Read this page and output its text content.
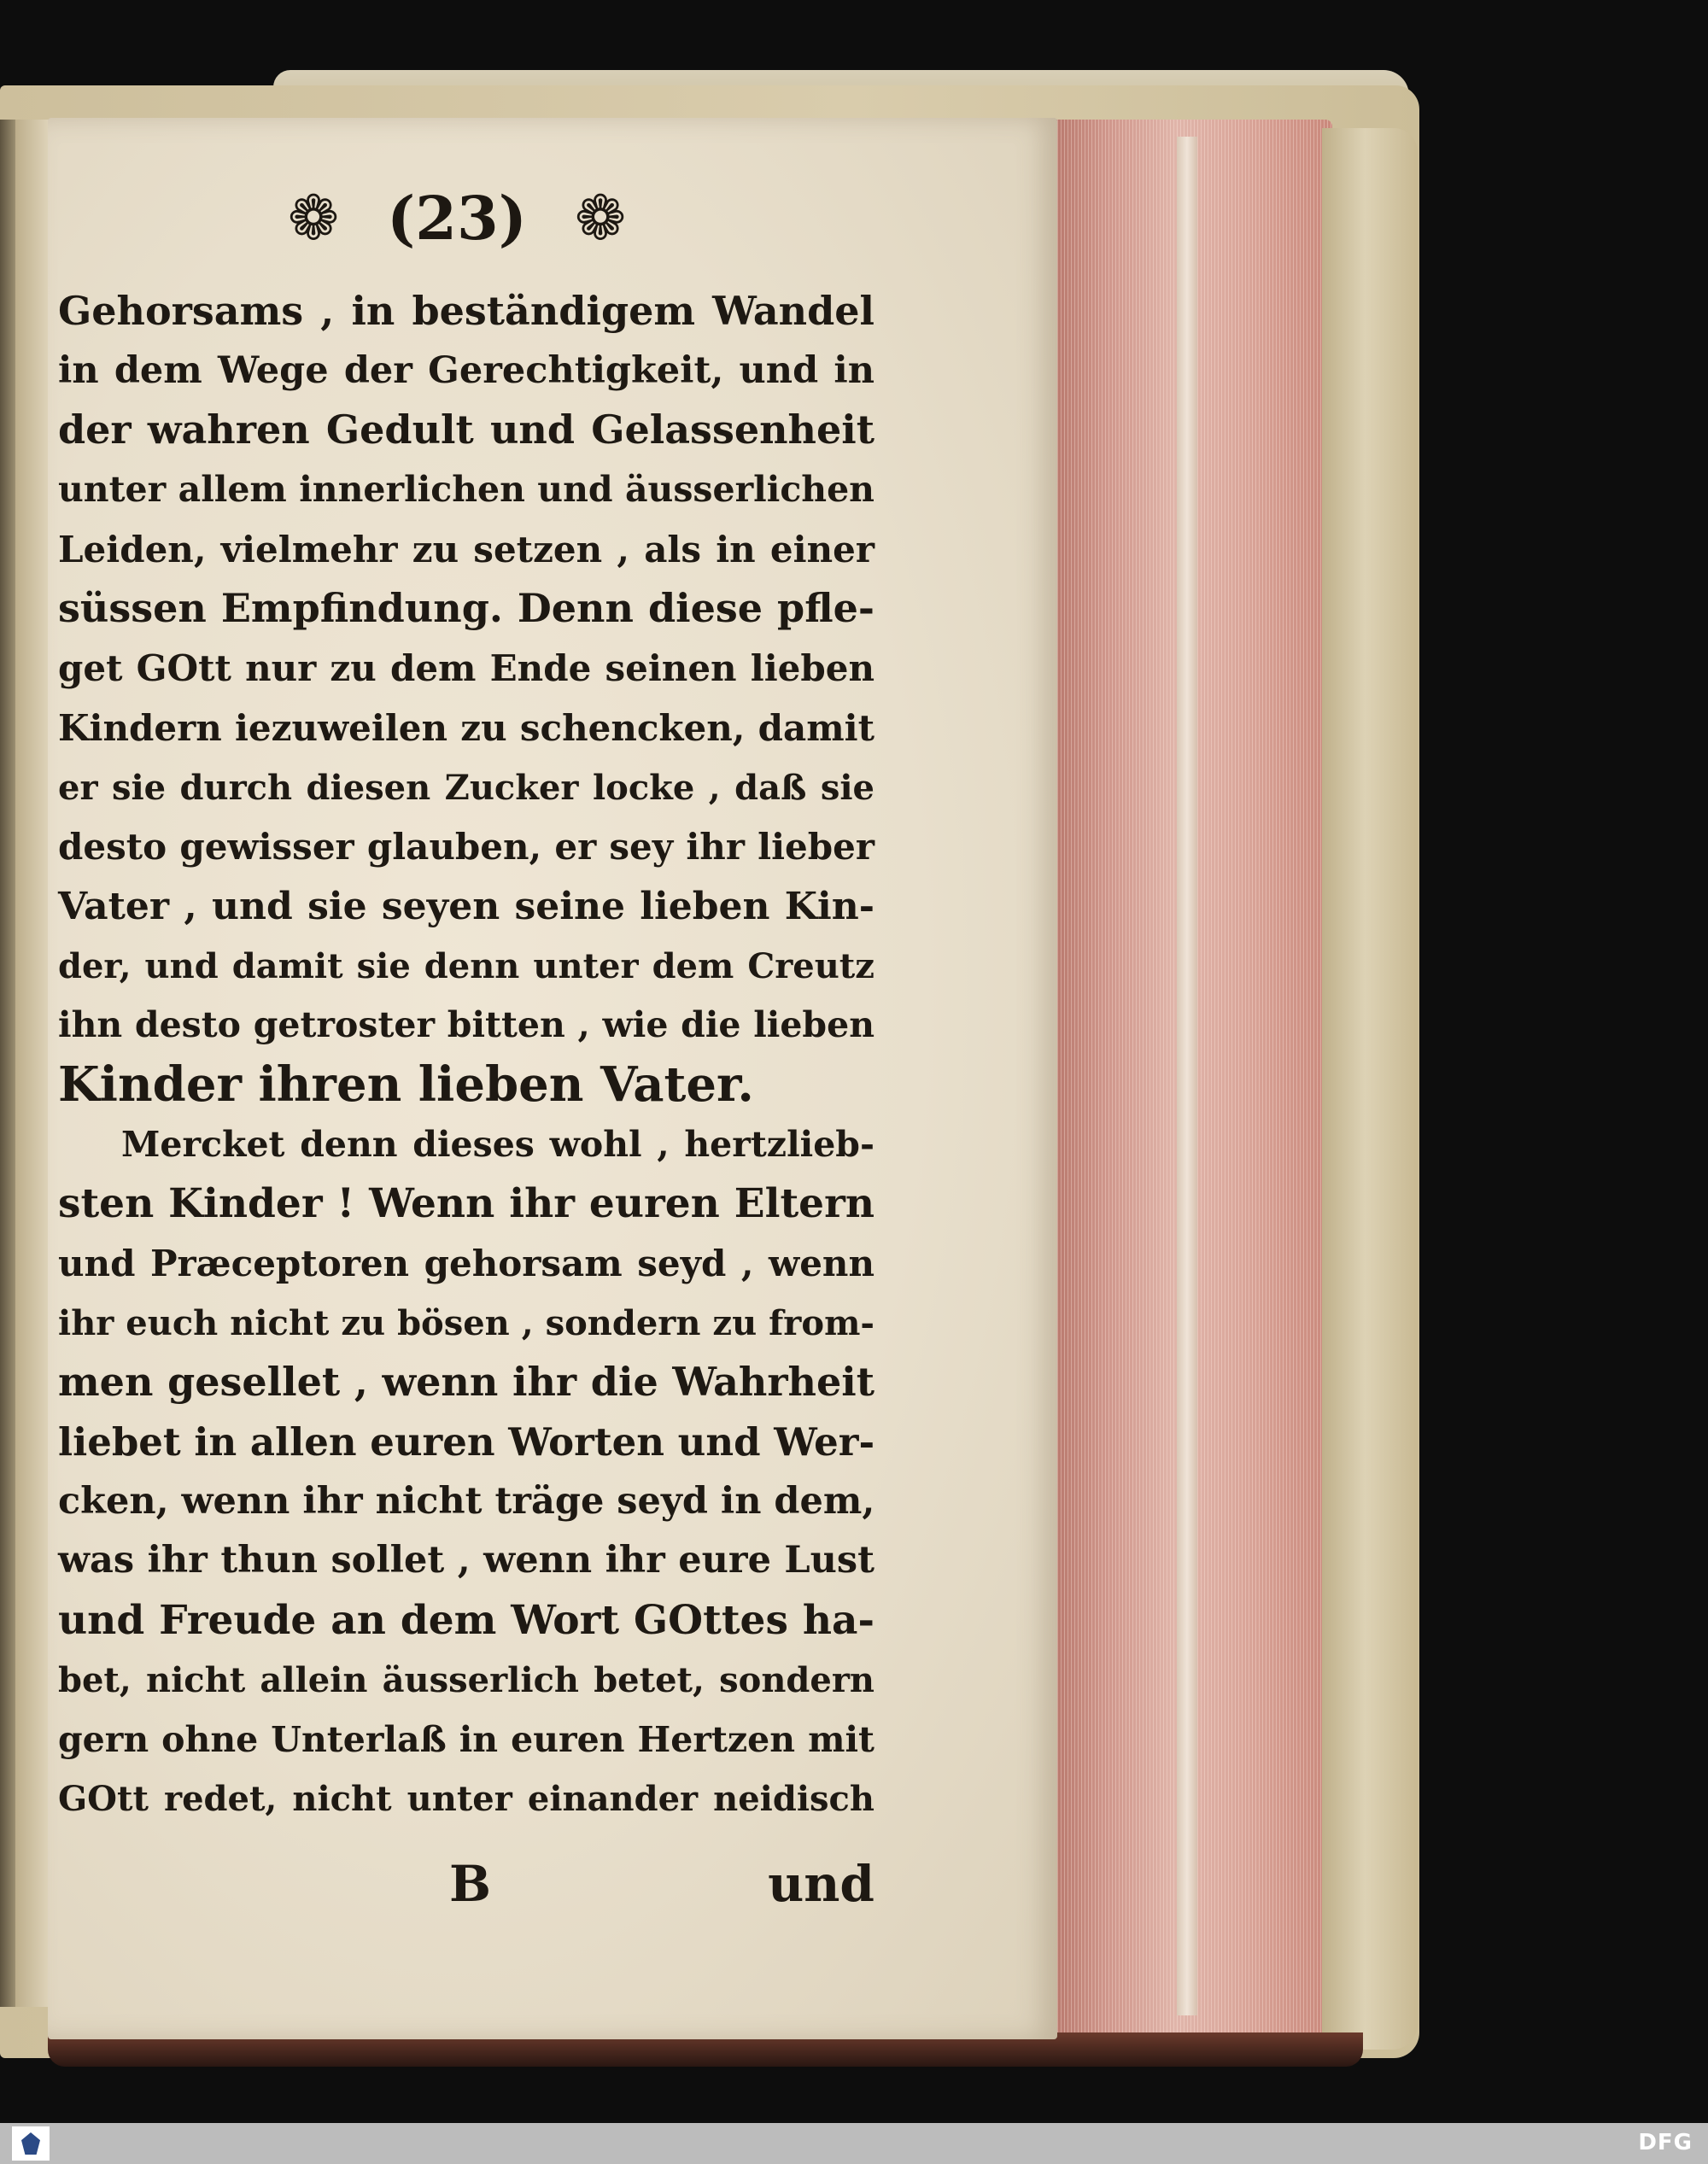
❁ (23) ❁
Gehorsams , in beständigem Wandel
in dem Wege der Gerechtigkeit, und in
der wahren Gedult und Gelassenheit
unter allem innerlichen und äusserlichen
Leiden, vielmehr zu setzen , als in einer
süssen Empfindung. Denn diese pfle-
get GOtt nur zu dem Ende seinen lieben
Kindern iezuweilen zu schencken, damit
er sie durch diesen Zucker locke , daß sie
desto gewisser glauben, er sey ihr lieber
Vater , und sie seyen seine lieben Kin-
der, und damit sie denn unter dem Creutz
ihn desto getroster bitten , wie die lieben
Kinder ihren lieben Vater.
Mercket denn dieses wohl , hertzlieb-
sten Kinder ! Wenn ihr euren Eltern
und Præceptoren gehorsam seyd , wenn
ihr euch nicht zu bösen , sondern zu from-
men gesellet , wenn ihr die Wahrheit
liebet in allen euren Worten und Wer-
cken, wenn ihr nicht träge seyd in dem,
was ihr thun sollet , wenn ihr eure Lust
und Freude an dem Wort GOttes ha-
bet, nicht allein äusserlich betet, sondern
gern ohne Unterlaß in euren Hertzen mit
GOtt redet, nicht unter einander neidisch
B	und
DFG
